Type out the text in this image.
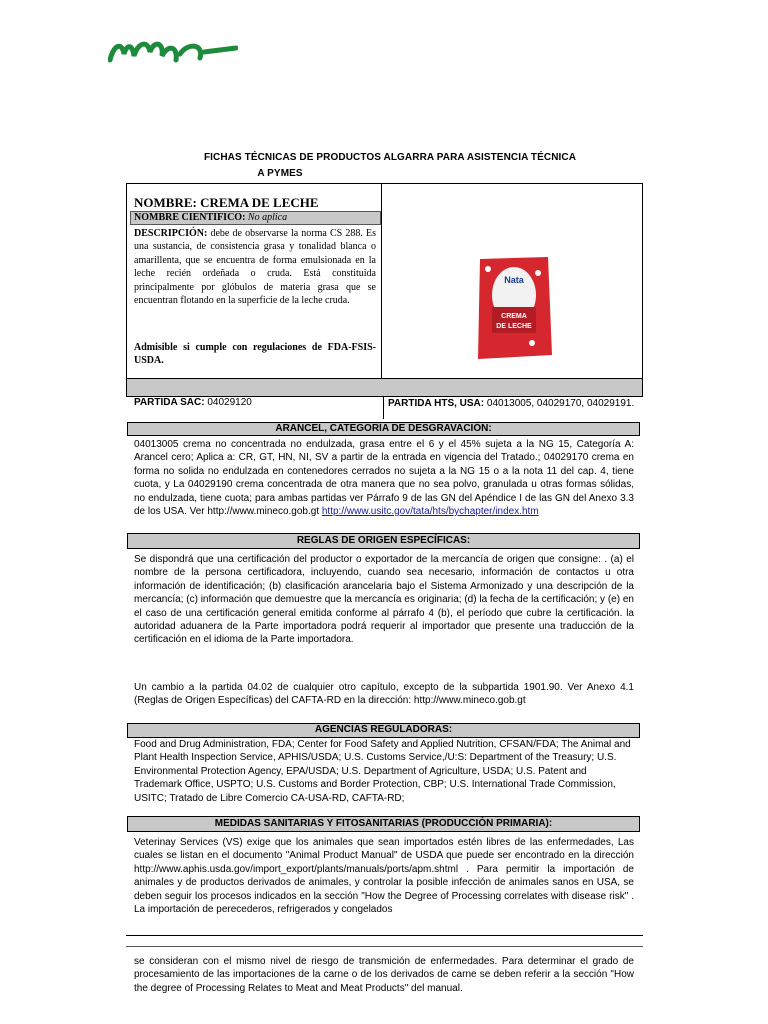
FICHAS TÉCNICAS DE PRODUCTOS ALGARRA PARA ASISTENCIA TÉCNICA
A PYMES
NOMBRE: CREMA DE LECHE
NOMBRE CIENTIFICO: No aplica
DESCRIPCIÓN: debe de observarse la norma CS 288. Es una sustancia, de consistencia grasa y tonalidad blanca o amarillenta, que se encuentra de forma emulsionada en la leche recién ordeñada o cruda. Está constituida principalmente por glóbulos de materia grasa que se encuentran flotando en la superficie de la leche cruda.
Admisible si cumple con regulaciones de FDA-FSIS-USDA.
Nata
CREMA
DE LECHE
PARTIDA SAC: 04029120	PARTIDA HTS, USA: 04013005, 04029170, 04029191.
ARANCEL, CATEGORÍA DE DESGRAVACIÓN:
04013005 crema no concentrada no endulzada, grasa entre el 6 y el 45% sujeta a la NG 15, Categoría A: Arancel cero; Aplica a: CR, GT, HN, NI, SV a partir de la entrada en vigencia del Tratado.; 04029170 crema en forma no solida no endulzada en contenedores cerrados no sujeta a la NG 15 o a la nota 11 del cap. 4, tiene cuota, y La 04029190 crema concentrada de otra manera que no sea polvo, granulada u otras formas sólidas, no endulzada, tiene cuota; para ambas partidas ver Párrafo 9 de las GN del Apéndice I de las GN del Anexo 3.3 de los USA. Ver http://www.mineco.gob.gt http://www.usitc.gov/tata/hts/bychapter/index.htm
REGLAS DE ORIGEN ESPECÍFICAS:
Se dispondrá que una certificación del productor o exportador de la mercancía de origen que consigne: . (a) el nombre de la persona certificadora, incluyendo, cuando sea necesario, información de contactos u otra información de identificación; (b) clasificación arancelaria bajo el Sistema Armonizado y una descripción de la mercancía; (c) información que demuestre que la mercancía es originaria; (d) la fecha de la certificación; y (e) en el caso de una certificación general emitida conforme al párrafo 4 (b), el período que cubre la certificación. la autoridad aduanera de la Parte importadora podrá requerir al importador que presente una traducción de la certificación en el idioma de la Parte importadora.
Un cambio a la partida 04.02 de cualquier otro capítulo, excepto de la subpartida 1901.90. Ver Anexo 4.1 (Reglas de Origen Específicas) del CAFTA-RD en la dirección: http://www.mineco.gob.gt
AGENCIAS REGULADORAS:
Food and Drug Administration, FDA; Center for Food Safety and Applied Nutrition, CFSAN/FDA; The Animal and Plant Health Inspection Service, APHIS/USDA; U.S. Customs Service,/U:S: Department of the Treasury; U.S. Environmental Protection Agency, EPA/USDA; U.S. Department of Agriculture, USDA; U.S. Patent and Trademark Office, USPTO; U.S. Customs and Border Protection, CBP; U.S. International Trade Commission, USITC; Tratado de Libre Comercio CA-USA-RD, CAFTA-RD;
MEDIDAS SANITARIAS Y FITOSANITARIAS (PRODUCCIÓN PRIMARIA):
Veterinay Services (VS) exige que los animales que sean importados estén libres de las enfermedades, Las cuales se listan en el documento "Animal Product Manual" de USDA que puede ser encontrado en la dirección http://www.aphis.usda.gov/import_export/plants/manuals/ports/apm.shtml . Para permitir la importación de animales y de productos derivados de animales, y controlar la posible infección de animales sanos en USA, se deben seguir los procesos indicados en la sección "How the Degree of Processing correlates with disease risk" . La importación de perecederos, refrigerados y congelados
se consideran con el mismo nivel de riesgo de transmición de enfermedades. Para determinar el grado de procesamiento de las importaciones de la carne o de los derivados de carne se deben referir a la sección "How the degree of Processing Relates to Meat and Meat Products" del manual.
